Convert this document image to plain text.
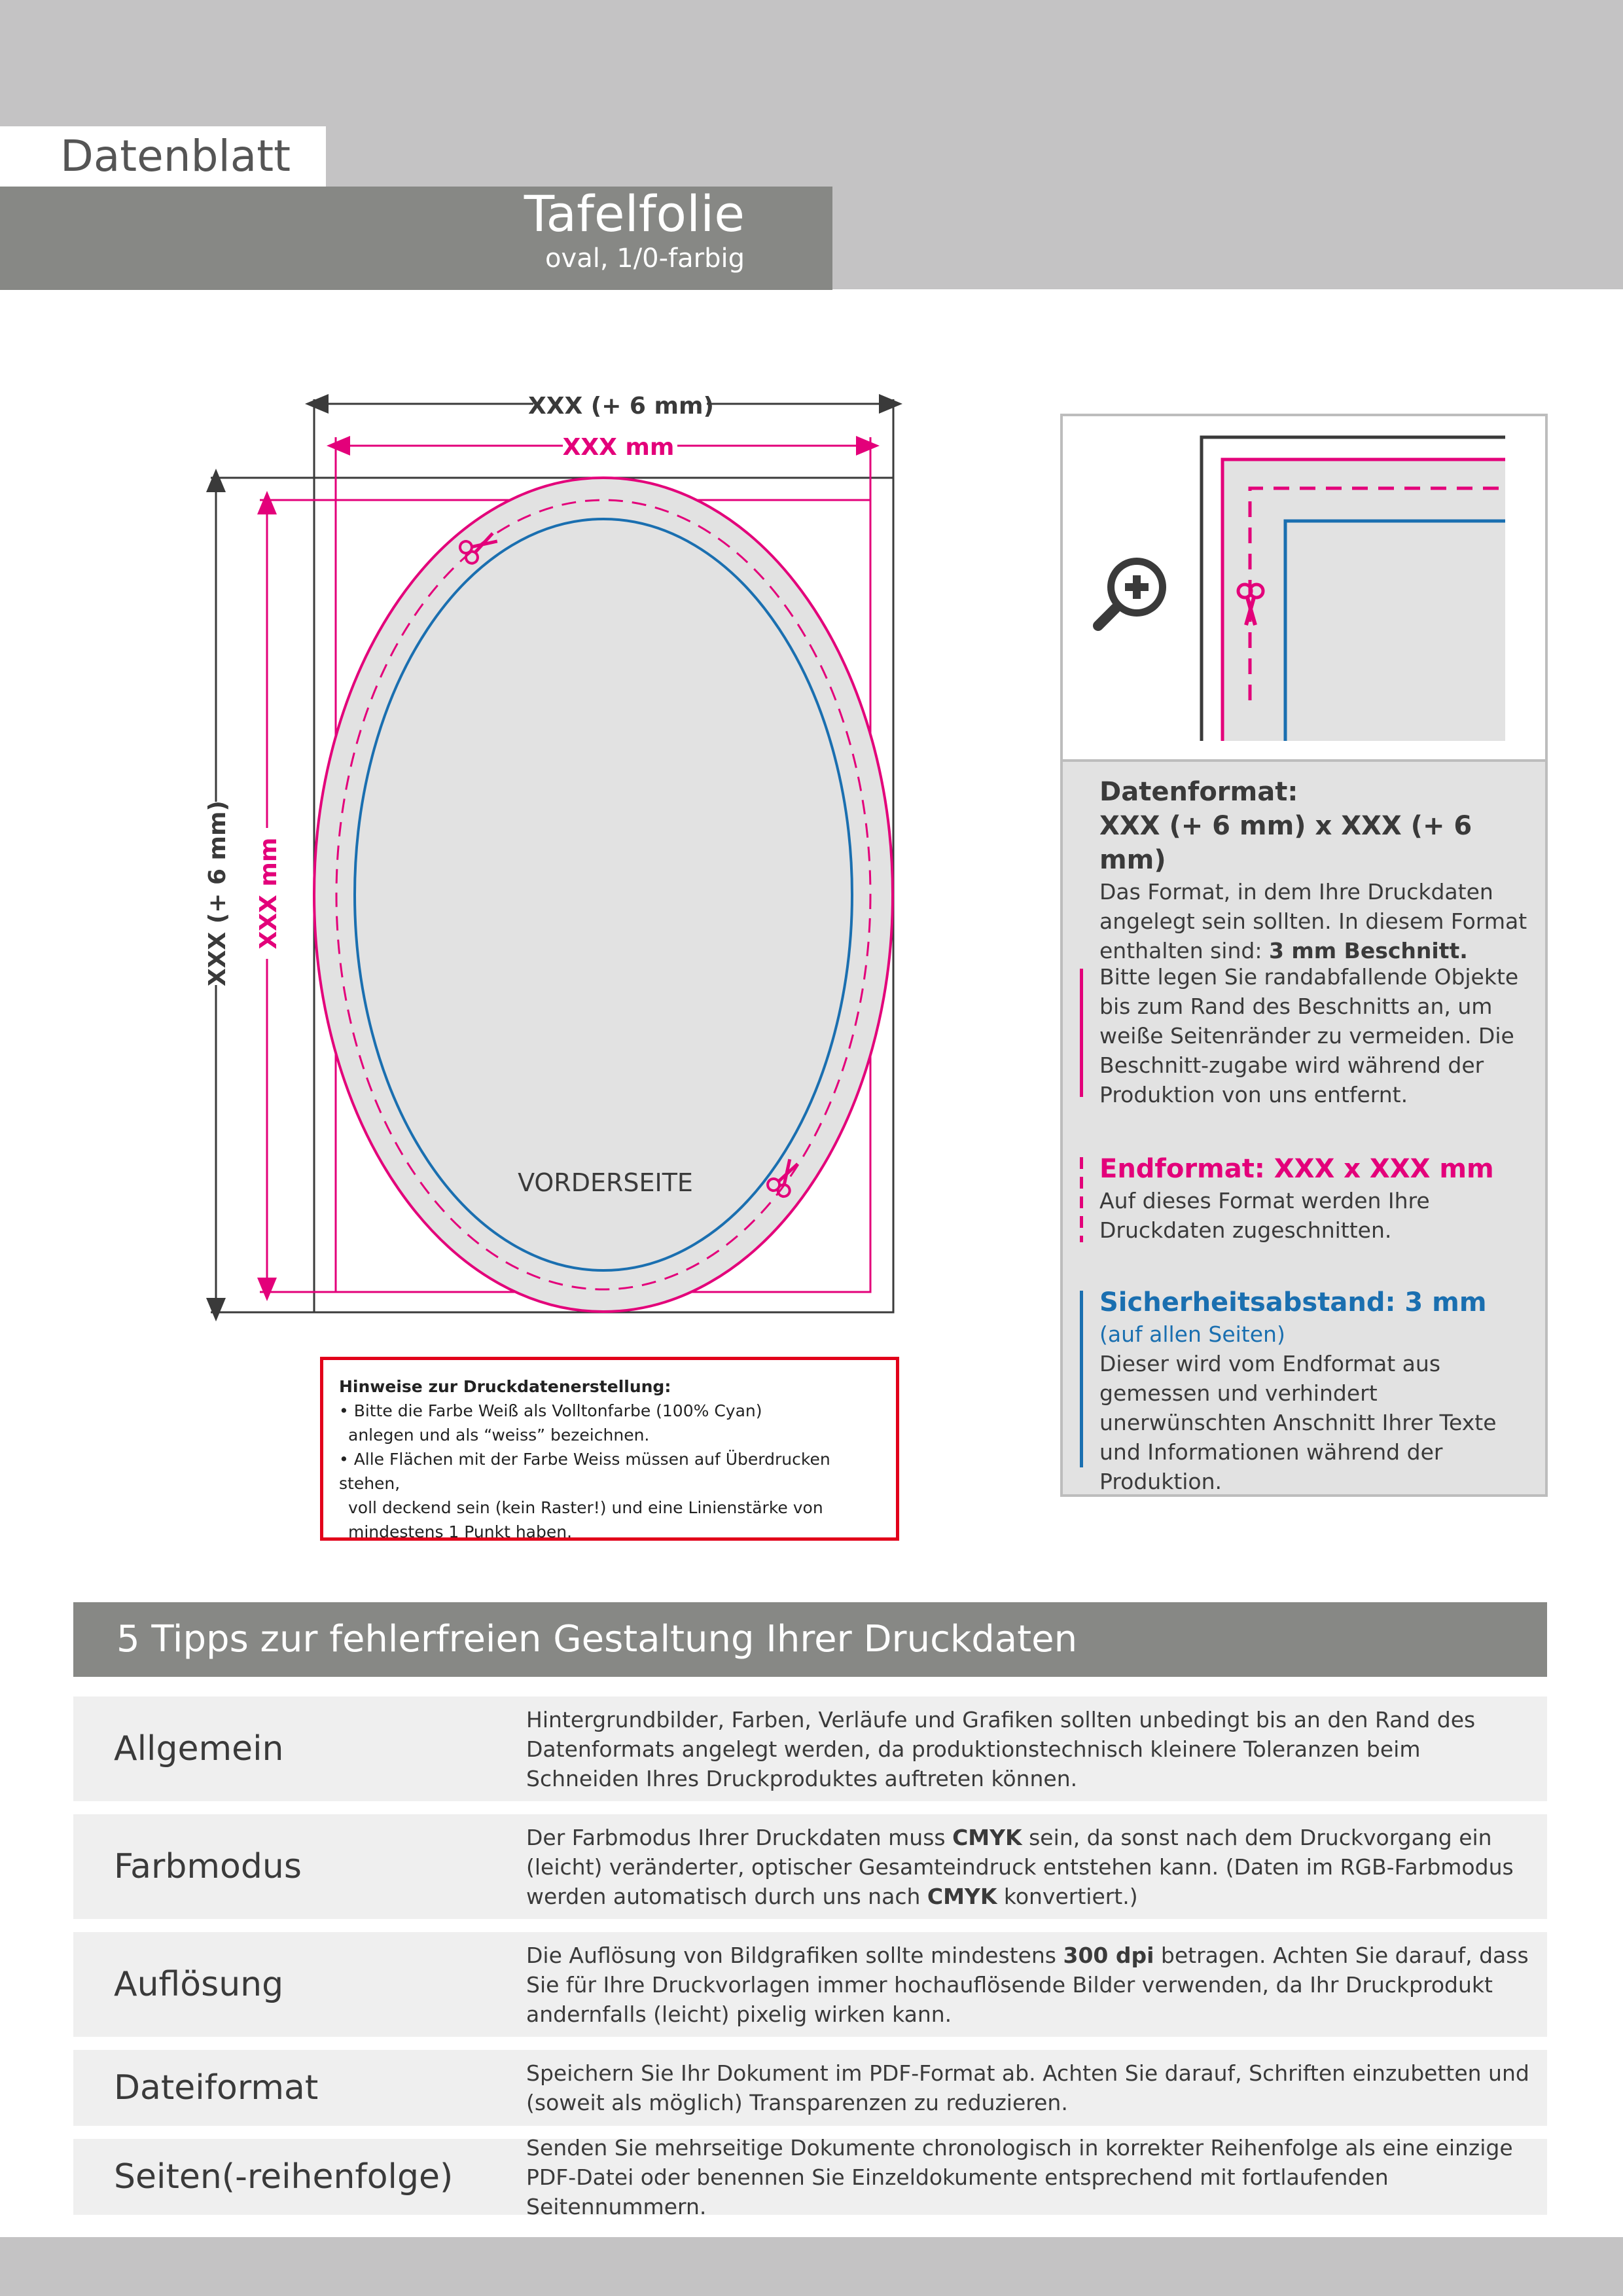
Datenblatt
Tafelfolie
oval, 1/0-farbig
XXX (+ 6 mm)
XXX mm
XXX (+ 6 mm) XXX mm
VORDERSEITE
Hinweise zur Druckdatenerstellung:
• Bitte die Farbe Weiß als Volltonfarbe (100% Cyan)
anlegen und als “weiss” bezeichnen.
• Alle Flächen mit der Farbe Weiss müssen auf Überdrucken stehen,
voll deckend sein (kein Raster!) und eine Linienstärke von
mindestens 1 Punkt haben.
Datenformat:
XXX (+ 6 mm) x XXX (+ 6 mm)
Das Format, in dem Ihre Druckdaten angelegt sein sollten. In diesem Format enthalten sind: 3 mm Beschnitt.
Bitte legen Sie randabfallende Objekte bis zum Rand des Beschnitts an, um weiße Seitenränder zu vermeiden. Die Beschnitt-zugabe wird während der Produktion von uns entfernt.
Endformat: XXX x XXX mm
Auf dieses Format werden Ihre Druckdaten zugeschnitten.
Sicherheitsabstand: 3 mm
(auf allen Seiten)
Dieser wird vom Endformat aus gemessen und verhindert unerwünschten Anschnitt Ihrer Texte und Informationen während der Produktion.
5 Tipps zur fehlerfreien Gestaltung Ihrer Druckdaten
Allgemein
Hintergrundbilder, Farben, Verläufe und Grafiken sollten unbedingt bis an den Rand des Datenformats angelegt werden, da produktionstechnisch kleinere Toleranzen beim Schneiden Ihres Druckproduktes auftreten können.
Farbmodus
Der Farbmodus Ihrer Druckdaten muss CMYK sein, da sonst nach dem Druckvorgang ein (leicht) veränderter, optischer Gesamteindruck entstehen kann. (Daten im RGB-Farbmodus werden automatisch durch uns nach CMYK konvertiert.)
Auflösung
Die Auflösung von Bildgrafiken sollte mindestens 300 dpi betragen. Achten Sie darauf, dass Sie für Ihre Druckvorlagen immer hochauflösende Bilder verwenden, da Ihr Druckprodukt andernfalls (leicht) pixelig wirken kann.
Dateiformat	Speichern Sie Ihr Dokument im PDF-Format ab. Achten Sie darauf, Schriften einzubetten und (soweit als möglich) Transparenzen zu reduzieren.
Seiten(-reihenfolge)
Senden Sie mehrseitige Dokumente chronologisch in korrekter Reihenfolge als eine einzige PDF-Datei oder benennen Sie Einzeldokumente entsprechend mit fortlaufenden Seitennummern.
